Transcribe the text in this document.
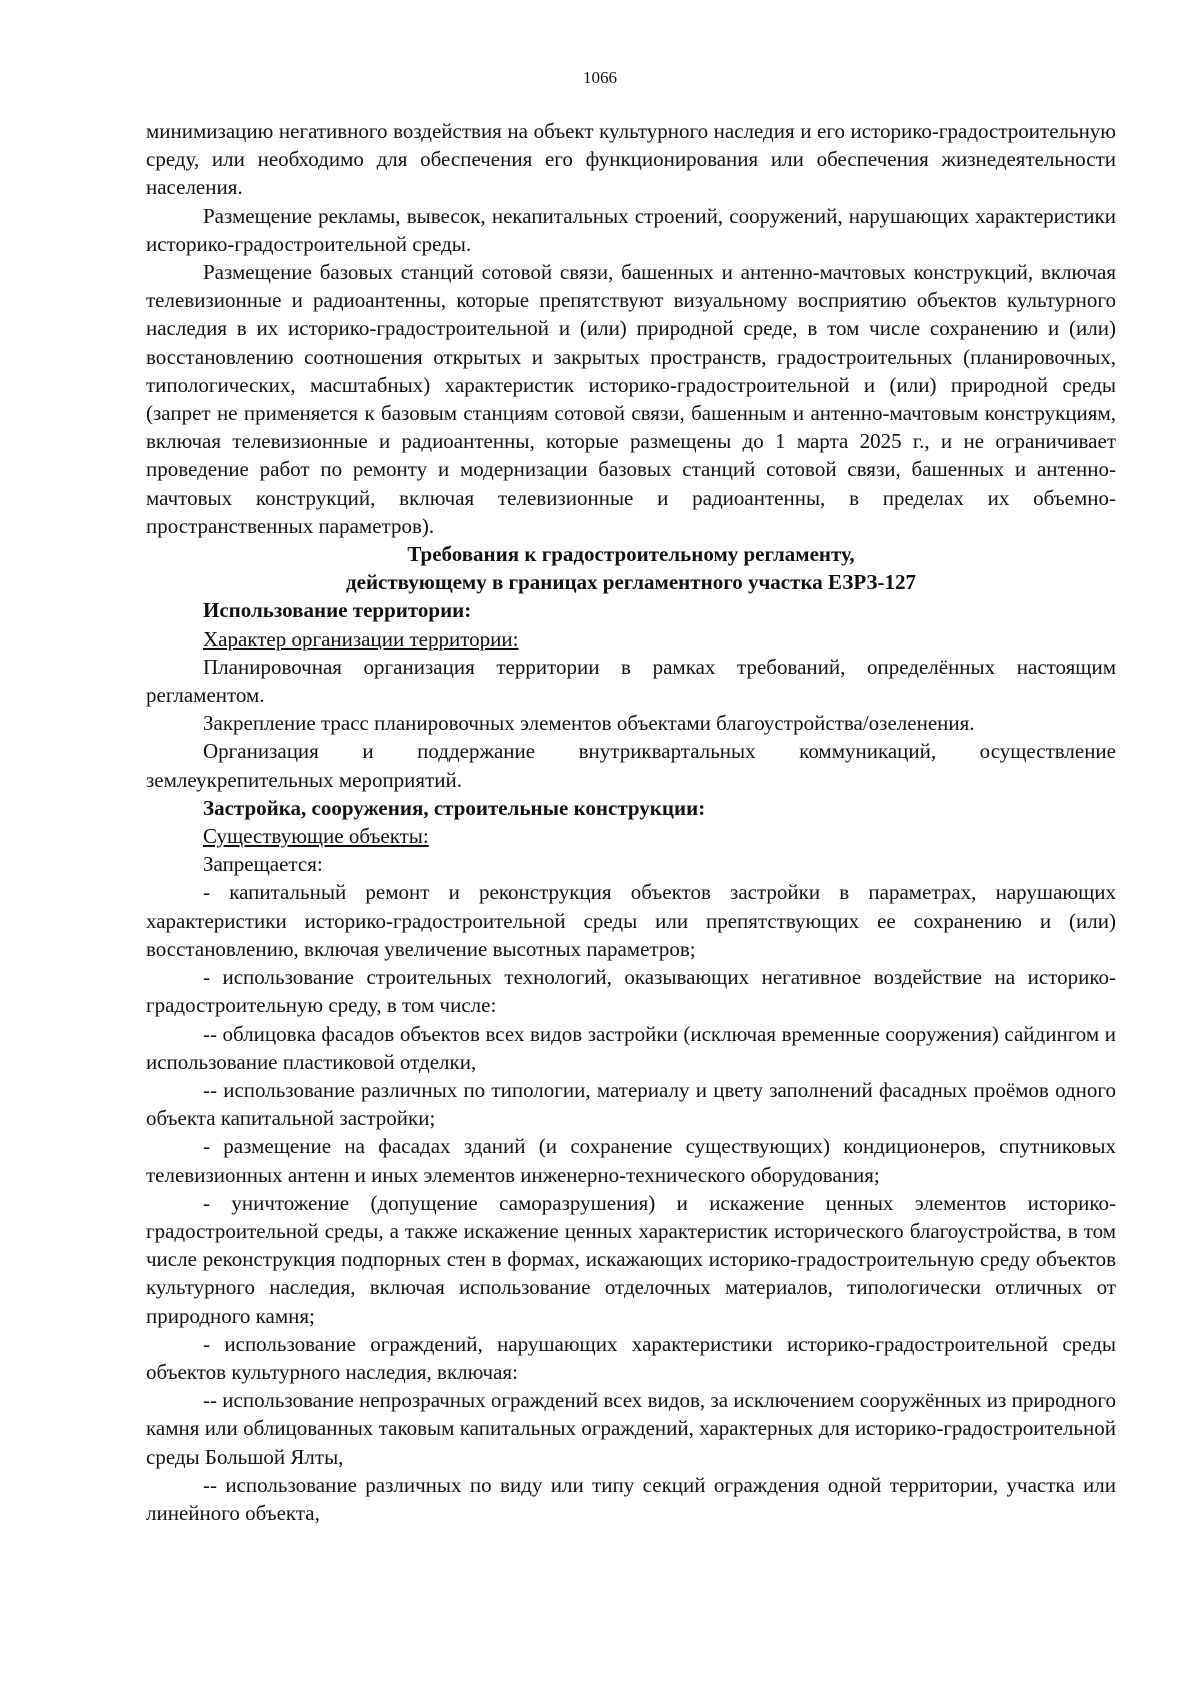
1066

минимизацию негативного воздействия на объект культурного наследия и его историко-градостроительную среду, или необходимо для обеспечения его функционирования или обеспечения жизнедеятельности населения.

Размещение рекламы, вывесок, некапитальных строений, сооружений, нарушающих характеристики историко-градостроительной среды.

Размещение базовых станций сотовой связи, башенных и антенно-мачтовых конструкций, включая телевизионные и радиоантенны, которые препятствуют визуальному восприятию объектов культурного наследия в их историко-градостроительной и (или) природной среде, в том числе сохранению и (или) восстановлению соотношения открытых и закрытых пространств, градостроительных (планировочных, типологических, масштабных) характеристик историко-градостроительной и (или) природной среды (запрет не применяется к базовым станциям сотовой связи, башенным и антенно-мачтовым конструкциям, включая телевизионные и радиоантенны, которые размещены до 1 марта 2025 г., и не ограничивает проведение работ по ремонту и модернизации базовых станций сотовой связи, башенных и антенно-мачтовых конструкций, включая телевизионные и радиоантенны, в пределах их объемно-пространственных параметров).

Требования к градостроительному регламенту,

действующему в границах регламентного участка ЕЗРЗ-127

Использование территории:

Характер организации территории:

Планировочная организация территории в рамках требований, определённых настоящим регламентом.

Закрепление трасс планировочных элементов объектами благоустройства/озеленения.

Организация и поддержание внутриквартальных коммуникаций, осуществление землеукрепительных мероприятий.

Застройка, сооружения, строительные конструкции:

Существующие объекты:

Запрещается:

- капитальный ремонт и реконструкция объектов застройки в параметрах, нарушающих характеристики историко-градостроительной среды или препятствующих ее сохранению и (или) восстановлению, включая увеличение высотных параметров;

- использование строительных технологий, оказывающих негативное воздействие на историко-градостроительную среду, в том числе:

-- облицовка фасадов объектов всех видов застройки (исключая временные сооружения) сайдингом и использование пластиковой отделки,

-- использование различных по типологии, материалу и цвету заполнений фасадных проёмов одного объекта капитальной застройки;

- размещение на фасадах зданий (и сохранение существующих) кондиционеров, спутниковых телевизионных антенн и иных элементов инженерно-технического оборудования;

- уничтожение (допущение саморазрушения) и искажение ценных элементов историко-градостроительной среды, а также искажение ценных характеристик исторического благоустройства, в том числе реконструкция подпорных стен в формах, искажающих историко-градостроительную среду объектов культурного наследия, включая использование отделочных материалов, типологически отличных от природного камня;

- использование ограждений, нарушающих характеристики историко-градостроительной среды объектов культурного наследия, включая:

-- использование непрозрачных ограждений всех видов, за исключением сооружённых из природного камня или облицованных таковым капитальных ограждений, характерных для историко-градостроительной среды Большой Ялты,

-- использование различных по виду или типу секций ограждения одной территории, участка или линейного объекта,
